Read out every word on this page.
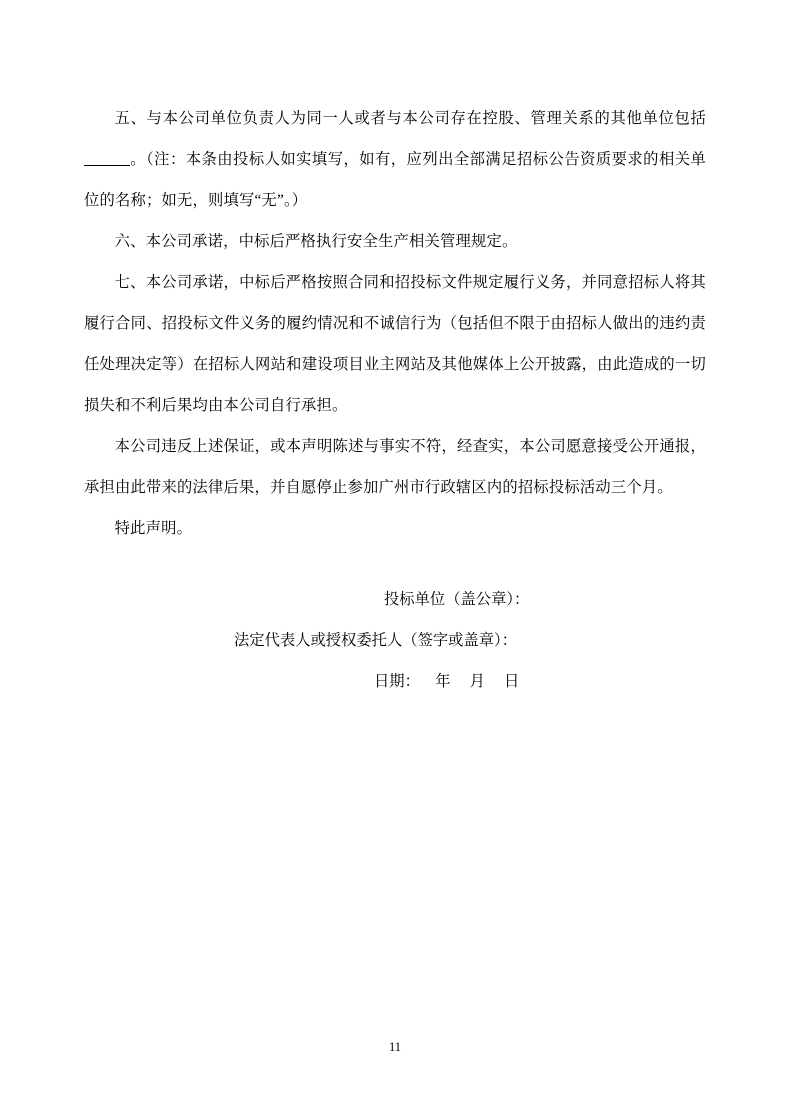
五、与本公司单位负责人为同一人或者与本公司存在控股、管理关系的其他单位包括。（注：本条由投标人如实填写，如有，应列出全部满足招标公告资质要求的相关单位的名称；如无，则填写“无”。）

六、本公司承诺，中标后严格执行安全生产相关管理规定。

七、本公司承诺，中标后严格按照合同和招投标文件规定履行义务，并同意招标人将其履行合同、招投标文件义务的履约情况和不诚信行为（包括但不限于由招标人做出的违约责任处理决定等）在招标人网站和建设项目业主网站及其他媒体上公开披露，由此造成的一切损失和不利后果均由本公司自行承担。

本公司违反上述保证，或本声明陈述与事实不符，经查实，本公司愿意接受公开通报，承担由此带来的法律后果，并自愿停止参加广州市行政辖区内的招标投标活动三个月。

特此声明。

投标单位（盖公章）：
法定代表人或授权委托人（签字或盖章）：
日期：    年     月     日
11
